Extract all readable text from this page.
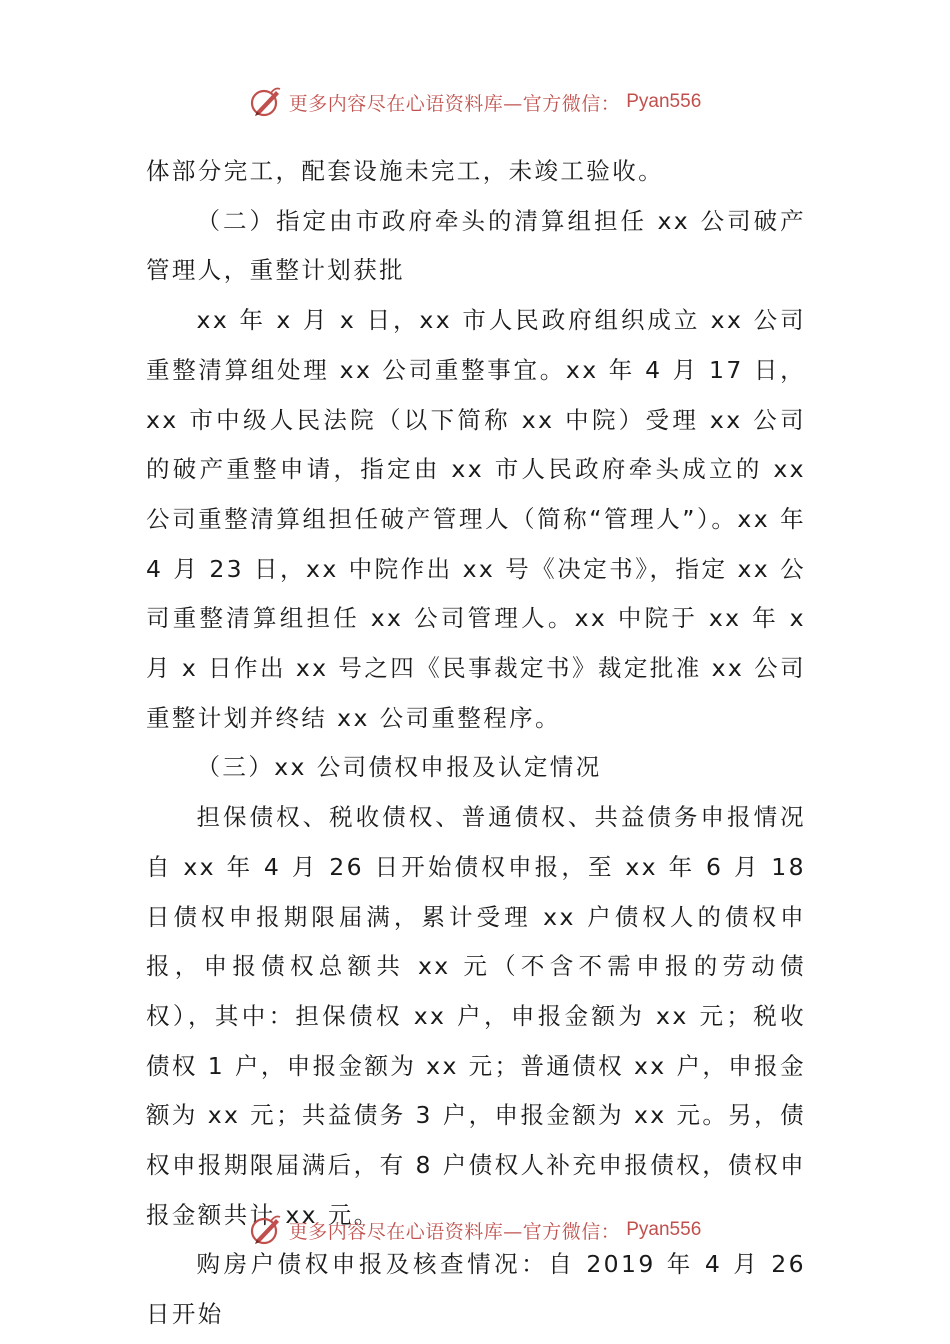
更多内容尽在心语资料库—官方微信： Pyan556

体部分完工，配套设施未完工，未竣工验收。

（二）指定由市政府牵头的清算组担任 xx 公司破产管理人，重整计划获批

xx 年 x 月 x 日，xx 市人民政府组织成立 xx 公司重整清算组处理 xx 公司重整事宜。xx 年 4 月 17 日，xx 市中级人民法院（以下简称 xx 中院）受理 xx 公司的破产重整申请，指定由 xx 市人民政府牵头成立的 xx 公司重整清算组担任破产管理人（简称“管理人”）。xx 年 4 月 23 日，xx 中院作出 xx 号《决定书》，指定 xx 公司重整清算组担任 xx 公司管理人。xx 中院于 xx 年 x 月 x 日作出 xx 号之四《民事裁定书》裁定批准 xx 公司重整计划并终结 xx 公司重整程序。

（三）xx 公司债权申报及认定情况

担保债权、税收债权、普通债权、共益债务申报情况自 xx 年 4 月 26 日开始债权申报，至 xx 年 6 月 18 日债权申报期限届满，累计受理 xx 户债权人的债权申报，申报债权总额共 xx 元（不含不需申报的劳动债权），其中：担保债权 xx 户，申报金额为 xx 元；税收债权 1 户，申报金额为 xx 元；普通债权 xx 户，申报金额为 xx 元；共益债务 3 户，申报金额为 xx 元。另，债权申报期限届满后，有 8 户债权人补充申报债权，债权申报金额共计 xx 元。

购房户债权申报及核查情况：自 2019 年 4 月 26 日开始

更多内容尽在心语资料库—官方微信： Pyan556
